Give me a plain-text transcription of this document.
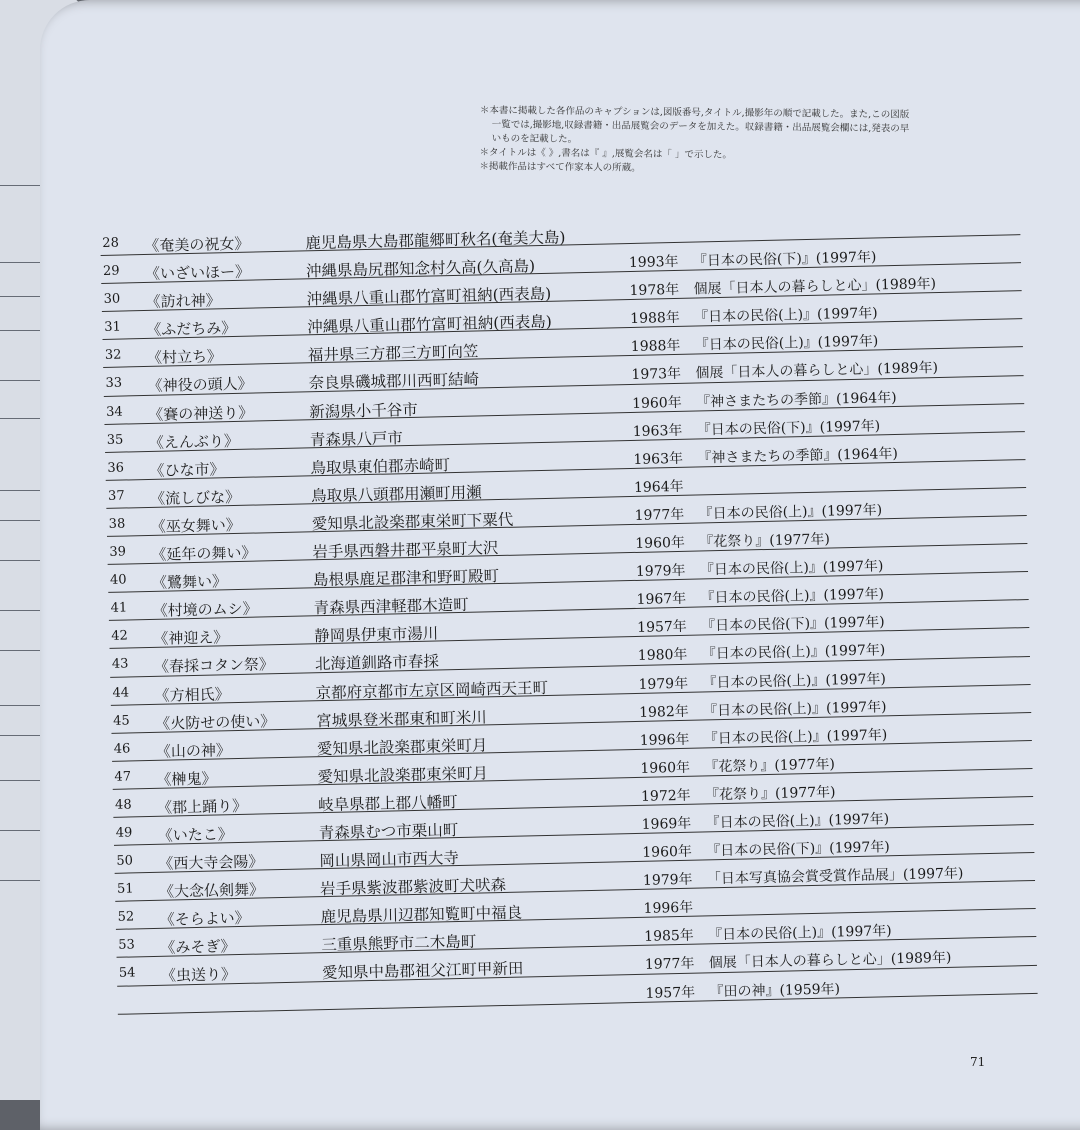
＊本書に掲載した各作品のキャプションは,図版番号,タイトル,撮影年の順で記載した。また,この図版

一覧では,撮影地,収録書籍・出品展覧会のデータを加えた。収録書籍・出品展覧会欄には,発表の早

いものを記載した。

＊タイトルは《 》,書名は『 』,展覧会名は「 」で示した。

＊掲載作品はすべて作家本人の所蔵。

28 《奄美の祝女》	鹿児島県大島郡龍郷町秋名(奄美大島)
29 《いざいほー》	沖縄県島尻郡知念村久高(久高島)	1993年 『日本の民俗(下)』(1997年)
30 《訪れ神》	沖縄県八重山郡竹富町祖納(西表島)	1978年 個展「日本人の暮らしと心」(1989年)
31 《ふだちみ》	沖縄県八重山郡竹富町祖納(西表島)	1988年 『日本の民俗(上)』(1997年)
32 《村立ち》	福井県三方郡三方町向笠	1988年 『日本の民俗(上)』(1997年)
33 《神役の頭人》	奈良県磯城郡川西町結崎	1973年 個展「日本人の暮らしと心」(1989年)
34 《賽の神送り》	新潟県小千谷市	1960年 『神さまたちの季節』(1964年)
35 《えんぶり》	青森県八戸市	1963年 『日本の民俗(下)』(1997年)
36 《ひな市》	鳥取県東伯郡赤崎町	1963年 『神さまたちの季節』(1964年)
37 《流しびな》	鳥取県八頭郡用瀬町用瀬	1964年
38 《巫女舞い》	愛知県北設楽郡東栄町下粟代	1977年 『日本の民俗(上)』(1997年)
39 《延年の舞い》	岩手県西磐井郡平泉町大沢	1960年 『花祭り』(1977年)
40 《鷺舞い》	島根県鹿足郡津和野町殿町	1979年 『日本の民俗(上)』(1997年)
41 《村境のムシ》	青森県西津軽郡木造町	1967年 『日本の民俗(上)』(1997年)
42 《神迎え》	静岡県伊東市湯川	1957年 『日本の民俗(下)』(1997年)
43 《春採コタン祭》	北海道釧路市春採	1980年 『日本の民俗(上)』(1997年)
44 《方相氏》	京都府京都市左京区岡崎西天王町	1979年 『日本の民俗(上)』(1997年)
45 《火防せの使い》	宮城県登米郡東和町米川	1982年 『日本の民俗(上)』(1997年)
46 《山の神》	愛知県北設楽郡東栄町月	1996年 『日本の民俗(上)』(1997年)
47 《榊鬼》	愛知県北設楽郡東栄町月	1960年 『花祭り』(1977年)
48 《郡上踊り》	岐阜県郡上郡八幡町	1972年 『花祭り』(1977年)
49 《いたこ》	青森県むつ市栗山町	1969年 『日本の民俗(上)』(1997年)
50 《西大寺会陽》	岡山県岡山市西大寺	1960年 『日本の民俗(下)』(1997年)
51 《大念仏剣舞》	岩手県紫波郡紫波町犬吠森	1979年 「日本写真協会賞受賞作品展」(1997年)
52 《そらよい》	鹿児島県川辺郡知覧町中福良	1996年
53 《みそぎ》	三重県熊野市二木島町	1985年 『日本の民俗(上)』(1997年)
54 《虫送り》	愛知県中島郡祖父江町甲新田	1977年 個展「日本人の暮らしと心」(1989年)
1957年 『田の神』(1959年)
71
